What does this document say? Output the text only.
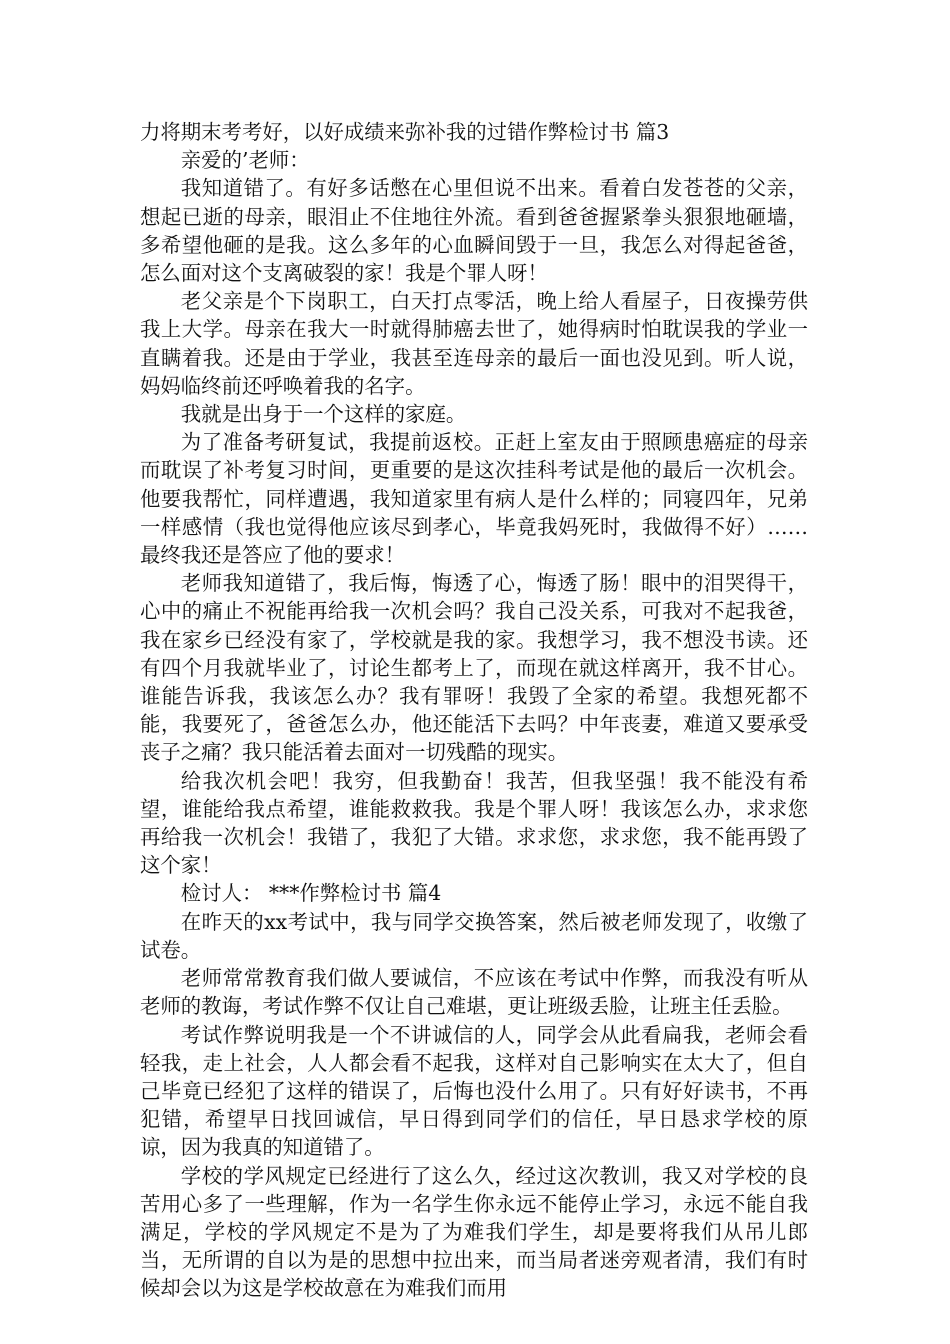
力将期末考考好，以好成绩来弥补我的过错作弊检讨书 篇3

亲爱的’老师：

我知道错了。有好多话憋在心里但说不出来。看着白发苍苍的父亲，想起已逝的母亲，眼泪止不住地往外流。看到爸爸握紧拳头狠狠地砸墙，多希望他砸的是我。这么多年的心血瞬间毁于一旦，我怎么对得起爸爸，怎么面对这个支离破裂的家！我是个罪人呀！

老父亲是个下岗职工，白天打点零活，晚上给人看屋子，日夜操劳供我上大学。母亲在我大一时就得肺癌去世了，她得病时怕耽误我的学业一直瞒着我。还是由于学业，我甚至连母亲的最后一面也没见到。听人说，妈妈临终前还呼唤着我的名字。

我就是出身于一个这样的家庭。

为了准备考研复试，我提前返校。正赶上室友由于照顾患癌症的母亲而耽误了补考复习时间，更重要的是这次挂科考试是他的最后一次机会。他要我帮忙，同样遭遇，我知道家里有病人是什么样的；同寝四年，兄弟一样感情（我也觉得他应该尽到孝心，毕竟我妈死时，我做得不好）……最终我还是答应了他的要求！

老师我知道错了，我后悔，悔透了心，悔透了肠！眼中的泪哭得干，心中的痛止不祝能再给我一次机会吗？我自己没关系，可我对不起我爸，我在家乡已经没有家了，学校就是我的家。我想学习，我不想没书读。还有四个月我就毕业了，讨论生都考上了，而现在就这样离开，我不甘心。谁能告诉我，我该怎么办？我有罪呀！我毁了全家的希望。我想死都不能，我要死了，爸爸怎么办，他还能活下去吗？中年丧妻，难道又要承受丧子之痛？我只能活着去面对一切残酷的现实。

给我次机会吧！我穷，但我勤奋！我苦，但我坚强！我不能没有希望，谁能给我点希望，谁能救救我。我是个罪人呀！我该怎么办，求求您再给我一次机会！我错了，我犯了大错。求求您，求求您，我不能再毁了这个家！

检讨人： ***作弊检讨书 篇4

在昨天的xx考试中，我与同学交换答案，然后被老师发现了，收缴了试卷。

老师常常教育我们做人要诚信，不应该在考试中作弊，而我没有听从老师的教诲，考试作弊不仅让自己难堪，更让班级丢脸，让班主任丢脸。

考试作弊说明我是一个不讲诚信的人，同学会从此看扁我，老师会看轻我，走上社会，人人都会看不起我，这样对自己影响实在太大了，但自己毕竟已经犯了这样的错误了，后悔也没什么用了。只有好好读书，不再犯错，希望早日找回诚信，早日得到同学们的信任，早日恳求学校的原谅，因为我真的知道错了。

学校的学风规定已经进行了这么久，经过这次教训，我又对学校的良苦用心多了一些理解，作为一名学生你永远不能停止学习，永远不能自我满足，学校的学风规定不是为了为难我们学生，却是要将我们从吊儿郎当，无所谓的自以为是的思想中拉出来，而当局者迷旁观者清，我们有时候却会以为这是学校故意在为难我们而用
